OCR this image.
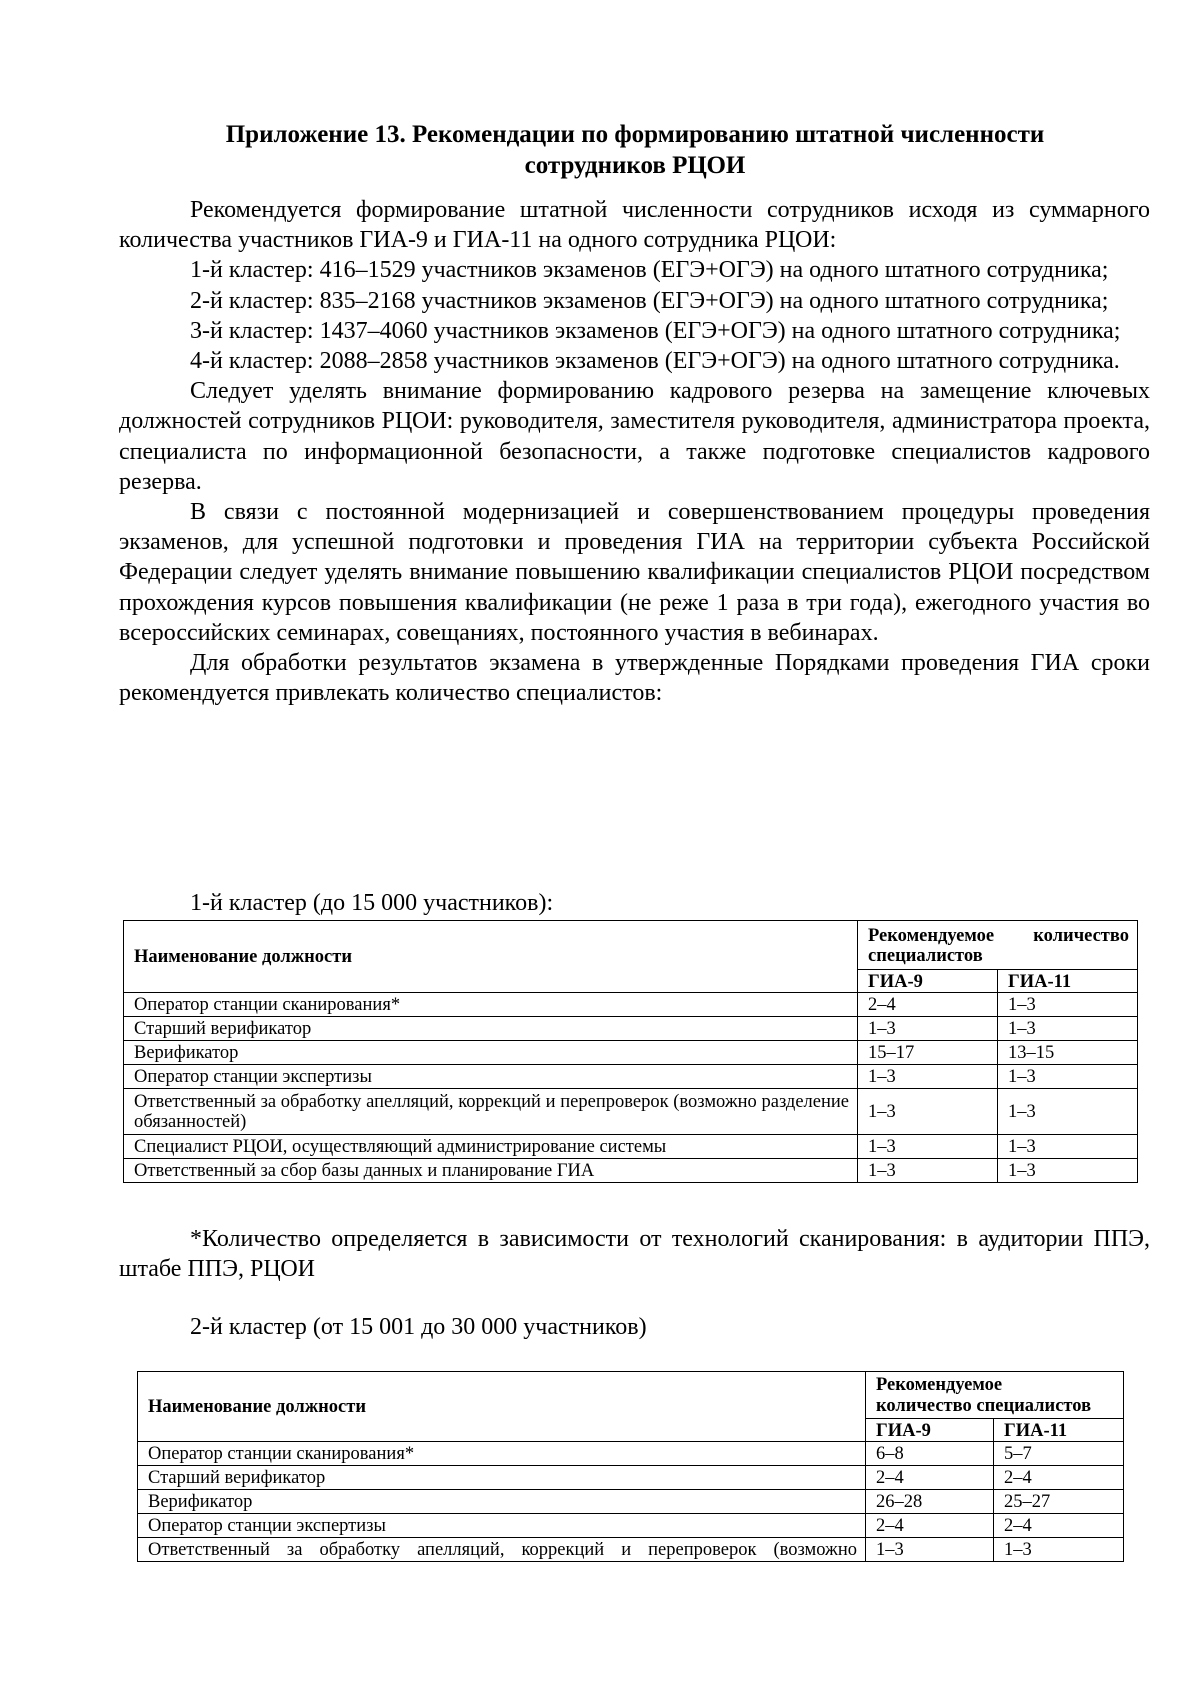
Приложение 13. Рекомендации по формированию штатной численности
сотрудников РЦОИ

Рекомендуется формирование штатной численности сотрудников исходя из суммарного количества участников ГИА-9 и ГИА-11 на одного сотрудника РЦОИ:

1-й кластер: 416–1529 участников экзаменов (ЕГЭ+ОГЭ) на одного штатного сотрудника;

2-й кластер: 835–2168 участников экзаменов (ЕГЭ+ОГЭ) на одного штатного сотрудника;

3-й кластер: 1437–4060 участников экзаменов (ЕГЭ+ОГЭ) на одного штатного сотрудника;

4-й кластер: 2088–2858 участников экзаменов (ЕГЭ+ОГЭ) на одного штатного сотрудника.

Следует уделять внимание формированию кадрового резерва на замещение ключевых должностей сотрудников РЦОИ: руководителя, заместителя руководителя, администратора проекта, специалиста по информационной безопасности, а также подготовке специалистов кадрового резерва.

В связи с постоянной модернизацией и совершенствованием процедуры проведения экзаменов, для успешной подготовки и проведения ГИА на территории субъекта Российской Федерации следует уделять внимание повышению квалификации специалистов РЦОИ посредством прохождения курсов повышения квалификации (не реже 1 раза в три года), ежегодного участия во всероссийских семинарах, совещаниях, постоянного участия в вебинарах.

Для обработки результатов экзамена в утвержденные Порядками проведения ГИА сроки рекомендуется привлекать количество специалистов:

1-й кластер (до 15 000 участников):
Наименование должности	Рекомендуемое количество специалистов	
	ГИА-9	ГИА-11
Оператор станции сканирования*	2–4	1–3
Старший верификатор	1–3	1–3
Верификатор	15–17	13–15
Оператор станции экспертизы	1–3	1–3
Ответственный за обработку апелляций, коррекций и перепроверок (возможно разделение обязанностей)	1–3	1–3
Специалист РЦОИ, осуществляющий администрирование системы	1–3	1–3
Ответственный за сбор базы данных и планирование ГИА	1–3	1–3

*Количество определяется в зависимости от технологий сканирования: в аудитории ППЭ, штабе ППЭ, РЦОИ

2-й кластер (от 15 001 до 30 000 участников)
Наименование должности	Рекомендуемое
количество специалистов	
	ГИА-9	ГИА-11
Оператор станции сканирования*	6–8	5–7
Старший верификатор	2–4	2–4
Верификатор	26–28	25–27
Оператор станции экспертизы	2–4	2–4
Ответственный за обработку апелляций, коррекций и перепроверок (возможно	1–3	1–3
